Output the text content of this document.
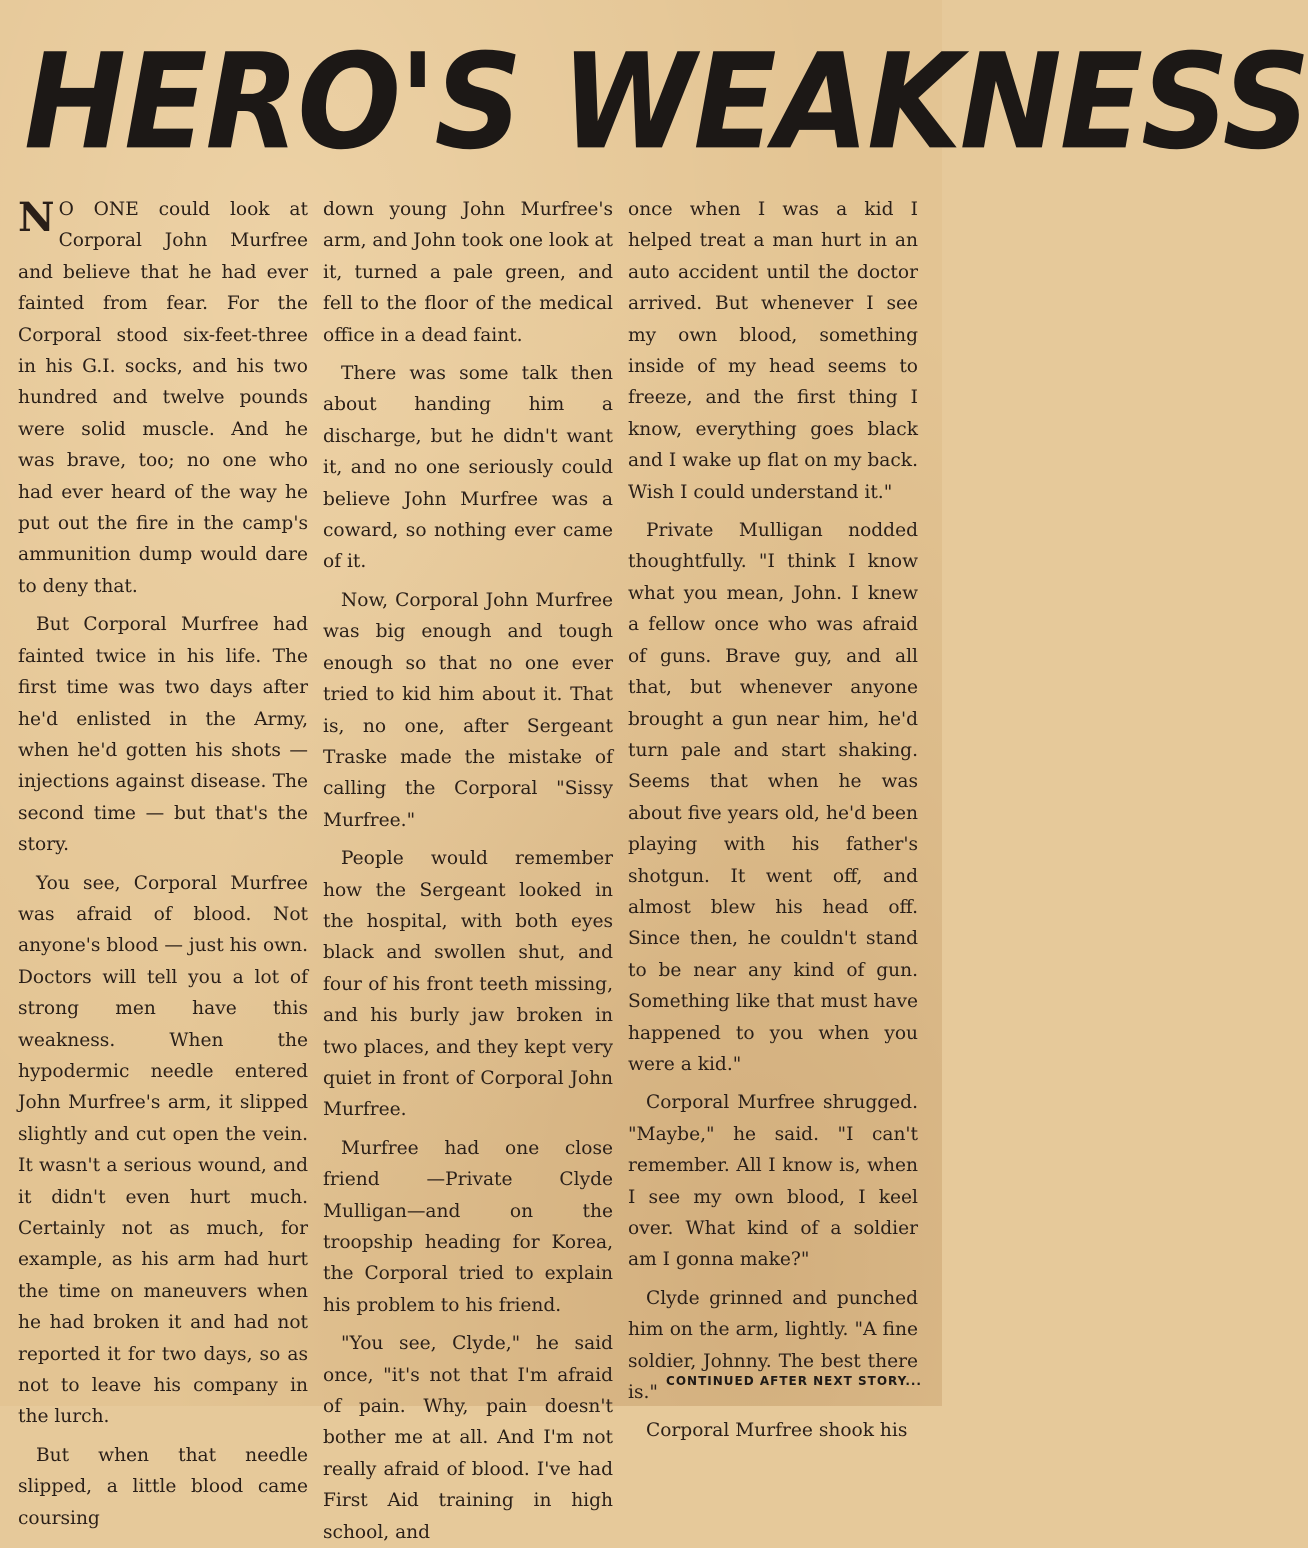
HERO'S WEAKNESS

N O ONE could look at Corporal John Murfree and believe that he had ever fainted from fear. For the Corporal stood six-feet-three in his G.I. socks, and his two hundred and twelve pounds were solid muscle. And he was brave, too; no one who had ever heard of the way he put out the fire in the camp's ammunition dump would dare to deny that.

But Corporal Murfree had fainted twice in his life. The first time was two days after he'd enlisted in the Army, when he'd gotten his shots — injections against disease. The second time — but that's the story.

You see, Corporal Murfree was afraid of blood. Not anyone's blood — just his own. Doctors will tell you a lot of strong men have this weakness. When the hypodermic needle entered John Murfree's arm, it slipped slightly and cut open the vein. It wasn't a serious wound, and it didn't even hurt much. Certainly not as much, for example, as his arm had hurt the time on maneuvers when he had broken it and had not reported it for two days, so as not to leave his company in the lurch.

But when that needle slipped, a little blood came coursing

down young John Murfree's arm, and John took one look at it, turned a pale green, and fell to the floor of the medical office in a dead faint.

There was some talk then about handing him a discharge, but he didn't want it, and no one seriously could believe John Murfree was a coward, so nothing ever came of it.

Now, Corporal John Murfree was big enough and tough enough so that no one ever tried to kid him about it. That is, no one, after Sergeant Traske made the mistake of calling the Corporal "Sissy Murfree."

People would remember how the Sergeant looked in the hospital, with both eyes black and swollen shut, and four of his front teeth missing, and his burly jaw broken in two places, and they kept very quiet in front of Corporal John Murfree.

Murfree had one close friend —Private Clyde Mulligan—and on the troopship heading for Korea, the Corporal tried to explain his problem to his friend.

"You see, Clyde," he said once, "it's not that I'm afraid of pain. Why, pain doesn't bother me at all. And I'm not really afraid of blood. I've had First Aid training in high school, and

once when I was a kid I helped treat a man hurt in an auto accident until the doctor arrived. But whenever I see my own blood, something inside of my head seems to freeze, and the first thing I know, everything goes black and I wake up flat on my back. Wish I could understand it."

Private Mulligan nodded thoughtfully. "I think I know what you mean, John. I knew a fellow once who was afraid of guns. Brave guy, and all that, but whenever anyone brought a gun near him, he'd turn pale and start shaking. Seems that when he was about five years old, he'd been playing with his father's shotgun. It went off, and almost blew his head off. Since then, he couldn't stand to be near any kind of gun. Something like that must have happened to you when you were a kid."

Corporal Murfree shrugged. "Maybe," he said. "I can't remember. All I know is, when I see my own blood, I keel over. What kind of a soldier am I gonna make?"

Clyde grinned and punched him on the arm, lightly. "A fine soldier, Johnny. The best there is."

Corporal Murfree shook his

CONTINUED AFTER NEXT STORY...
